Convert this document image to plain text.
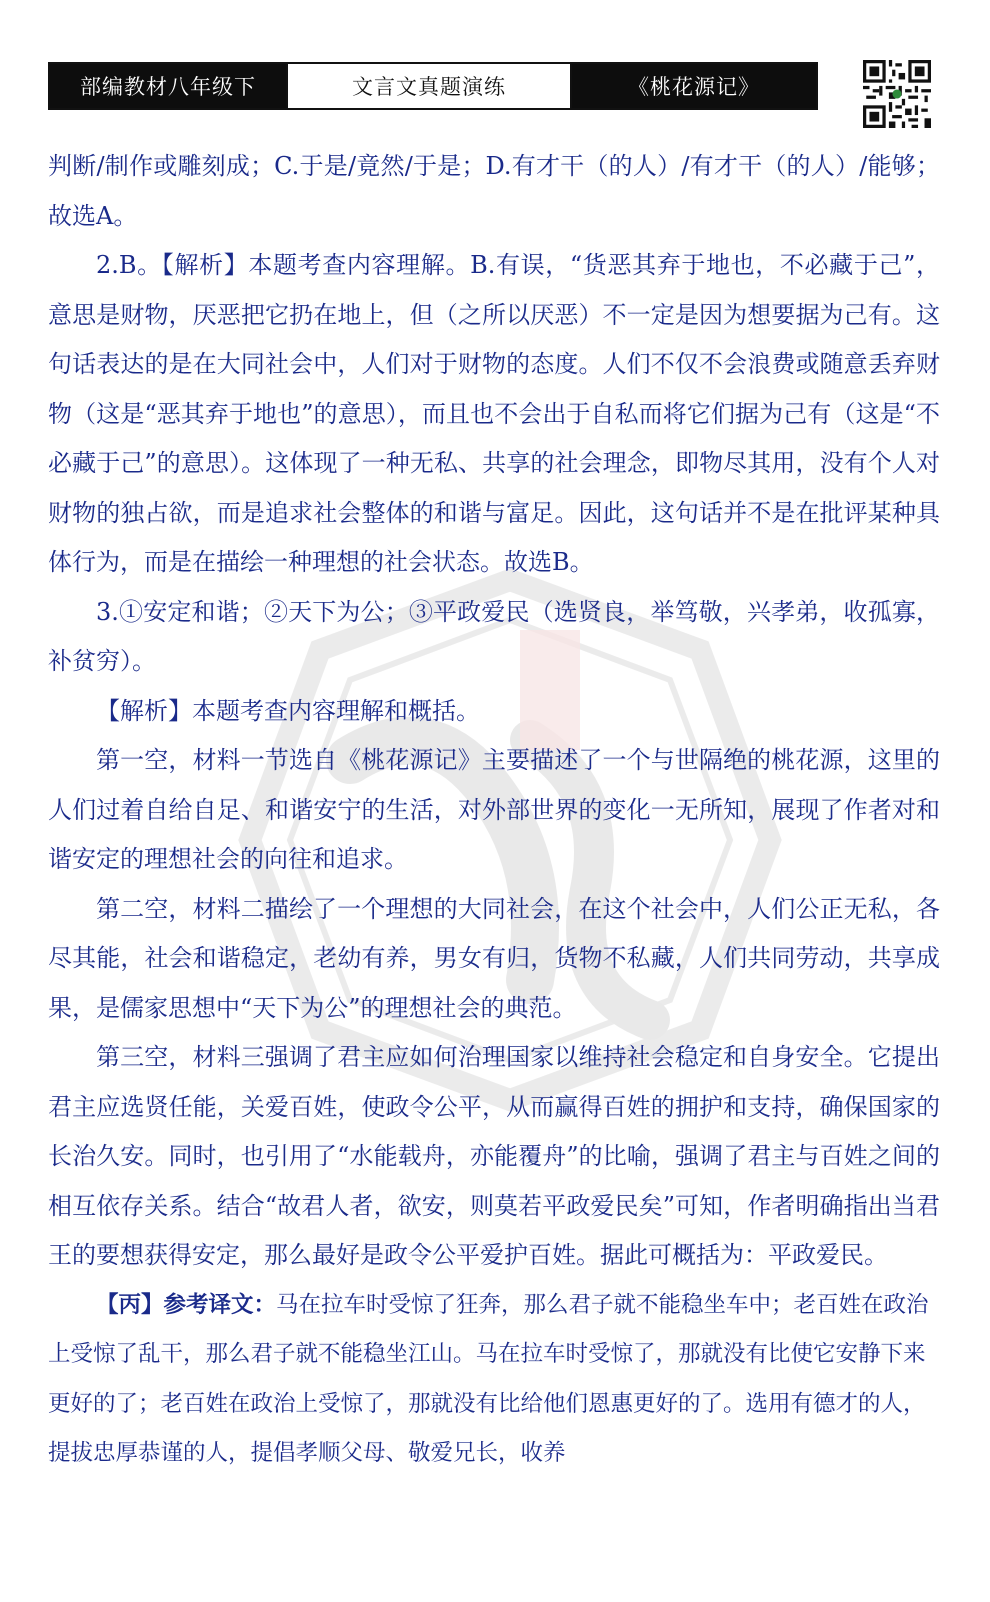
部编教材八年级下	文言文真题演练	《桃花源记》

判断/制作或雕刻成；C.于是/竟然/于是；D.有才干（的人）/有才干（的人）/能够；故选A。

2.B。【解析】本题考查内容理解。B.有误，“货恶其弃于地也，不必藏于己”，意思是财物，厌恶把它扔在地上，但（之所以厌恶）不一定是因为想要据为己有。这句话表达的是在大同社会中，人们对于财物的态度。人们不仅不会浪费或随意丢弃财物（这是“恶其弃于地也”的意思），而且也不会出于自私而将它们据为己有（这是“不必藏于己”的意思）。这体现了一种无私、共享的社会理念，即物尽其用，没有个人对财物的独占欲，而是追求社会整体的和谐与富足。因此，这句话并不是在批评某种具体行为，而是在描绘一种理想的社会状态。故选B。

3.①安定和谐；②天下为公；③平政爱民（选贤良，举笃敬，兴孝弟，收孤寡，补贫穷）。

【解析】本题考查内容理解和概括。

第一空，材料一节选自《桃花源记》主要描述了一个与世隔绝的桃花源，这里的人们过着自给自足、和谐安宁的生活，对外部世界的变化一无所知，展现了作者对和谐安定的理想社会的向往和追求。

第二空，材料二描绘了一个理想的大同社会，在这个社会中，人们公正无私，各尽其能，社会和谐稳定，老幼有养，男女有归，货物不私藏，人们共同劳动，共享成果，是儒家思想中“天下为公”的理想社会的典范。

第三空，材料三强调了君主应如何治理国家以维持社会稳定和自身安全。它提出君主应选贤任能，关爱百姓，使政令公平，从而赢得百姓的拥护和支持，确保国家的长治久安。同时，也引用了“水能载舟，亦能覆舟”的比喻，强调了君主与百姓之间的相互依存关系。结合“故君人者，欲安，则莫若平政爱民矣”可知，作者明确指出当君王的要想获得安定，那么最好是政令公平爱护百姓。据此可概括为：平政爱民。

【丙】参考译文：马在拉车时受惊了狂奔，那么君子就不能稳坐车中；老百姓在政治上受惊了乱干，那么君子就不能稳坐江山。马在拉车时受惊了，那就没有比使它安静下来更好的了；老百姓在政治上受惊了，那就没有比给他们恩惠更好的了。选用有德才的人，提拔忠厚恭谨的人，提倡孝顺父母、敬爱兄长，收养
